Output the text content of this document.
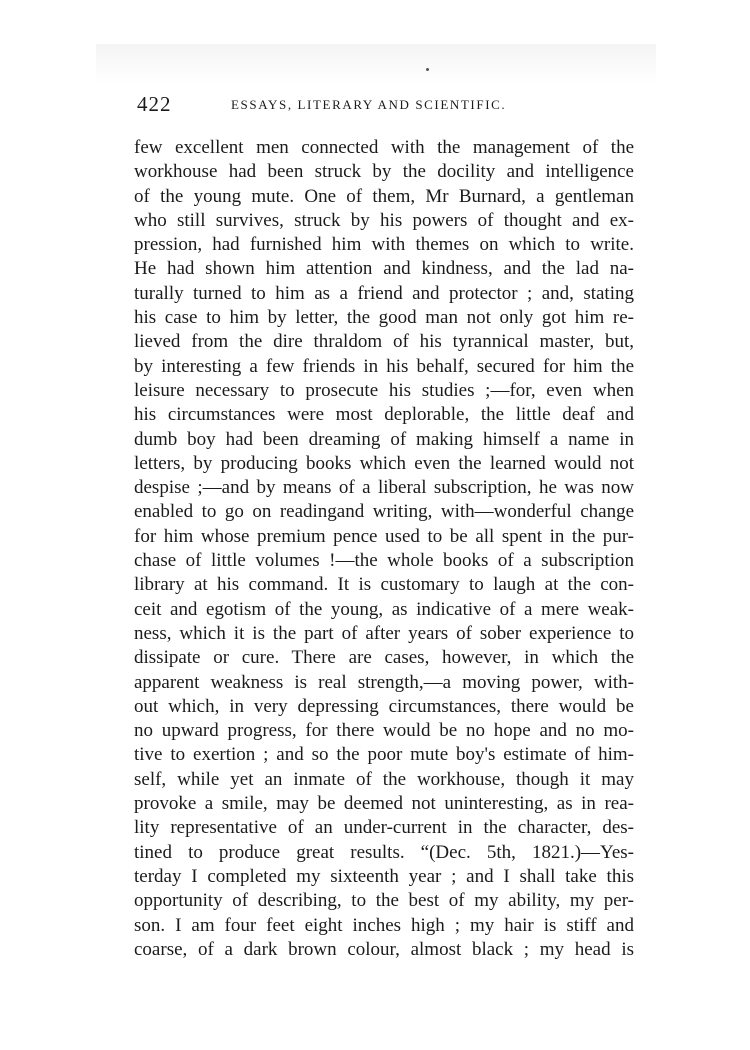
422	ESSAYS, LITERARY AND SCIENTIFIC.
few excellent men connected with the management of the
workhouse had been struck by the docility and intelligence
of the young mute. One of them, Mr Burnard, a gentleman
who still survives, struck by his powers of thought and ex-
pression, had furnished him with themes on which to write.
He had shown him attention and kindness, and the lad na-
turally turned to him as a friend and protector ; and, stating
his case to him by letter, the good man not only got him re-
lieved from the dire thraldom of his tyrannical master, but,
by interesting a few friends in his behalf, secured for him the
leisure necessary to prosecute his studies ;—for, even when
his circumstances were most deplorable, the little deaf and
dumb boy had been dreaming of making himself a name in
letters, by producing books which even the learned would not
despise ;—and by means of a liberal subscription, he was now
enabled to go on readingand writing, with—wonderful change
for him whose premium pence used to be all spent in the pur-
chase of little volumes !—the whole books of a subscription
library at his command. It is customary to laugh at the con-
ceit and egotism of the young, as indicative of a mere weak-
ness, which it is the part of after years of sober experience to
dissipate or cure. There are cases, however, in which the
apparent weakness is real strength,—a moving power, with-
out which, in very depressing circumstances, there would be
no upward progress, for there would be no hope and no mo-
tive to exertion ; and so the poor mute boy's estimate of him-
self, while yet an inmate of the workhouse, though it may
provoke a smile, may be deemed not uninteresting, as in rea-
lity representative of an under-current in the character, des-
tined to produce great results. “(Dec. 5th, 1821.)—Yes-
terday I completed my sixteenth year ; and I shall take this
opportunity of describing, to the best of my ability, my per-
son. I am four feet eight inches high ; my hair is stiff and
coarse, of a dark brown colour, almost black ; my head is
